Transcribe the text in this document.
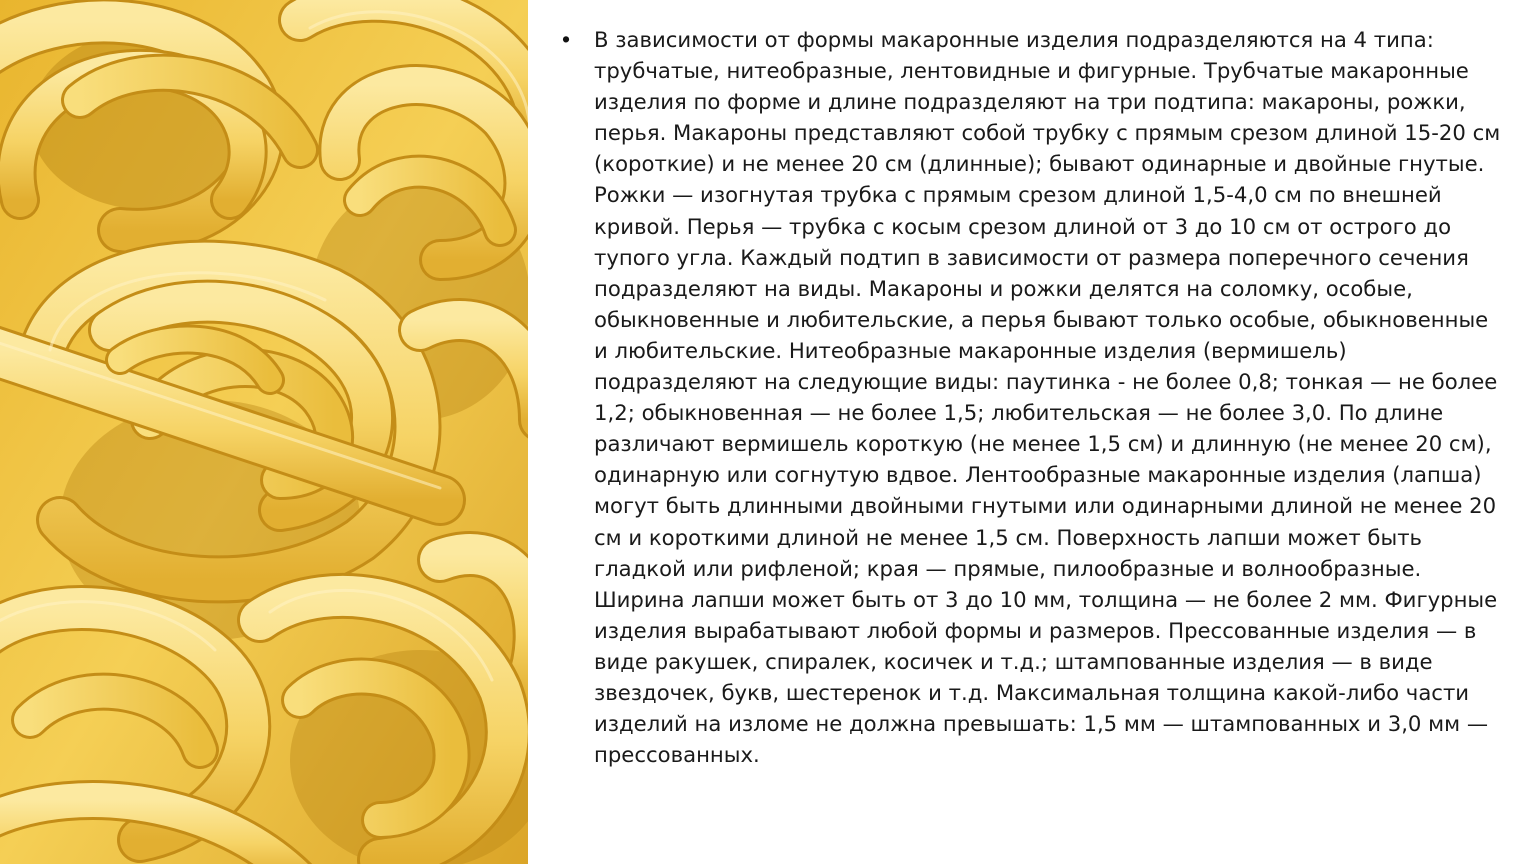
•	В зависимости от формы макаронные изделия подразделяются на 4 типа: трубчатые, нитеобразные, лентовидные и фигурные. Трубчатые макаронные изделия по форме и длине подразделяют на три подтипа: макароны, рожки, перья. Макароны представляют собой трубку с прямым срезом длиной 15-20 см (короткие) и не менее 20 см (длинные); бывают одинарные и двойные гнутые. Рожки — изогнутая трубка с прямым срезом длиной 1,5-4,0 см по внешней кривой. Перья — трубка с косым срезом длиной от 3 до 10 см от острого до тупого угла. Каждый подтип в зависимости от размера поперечного сечения подразделяют на виды. Макароны и рожки делятся на соломку, особые, обыкновенные и любительские, а перья бывают только особые, обыкновенные и любительские. Нитеобразные макаронные изделия (вермишель) подразделяют на следующие виды: паутинка - не более 0,8; тонкая — не более 1,2; обыкновенная — не более 1,5; любительская — не более 3,0. По длине различают вермишель короткую (не менее 1,5 см) и длинную (не менее 20 см), одинарную или согнутую вдвое. Лентообразные макаронные изделия (лапша) могут быть длинными двойными гнутыми или одинарными длиной не менее 20 см и короткими длиной не менее 1,5 см. Поверхность лапши может быть гладкой или рифленой; края — прямые, пилообразные и волнообразные. Ширина лапши может быть от 3 до 10 мм, толщина — не более 2 мм. Фигурные изделия вырабатывают любой формы и размеров. Прессованные изделия — в виде ракушек, спиралек, косичек и т.д.; штампованные изделия — в виде звездочек, букв, шестеренок и т.д. Максимальная толщина какой-либо части изделий на изломе не должна превышать: 1,5 мм — штампованных и 3,0 мм — прессованных.
